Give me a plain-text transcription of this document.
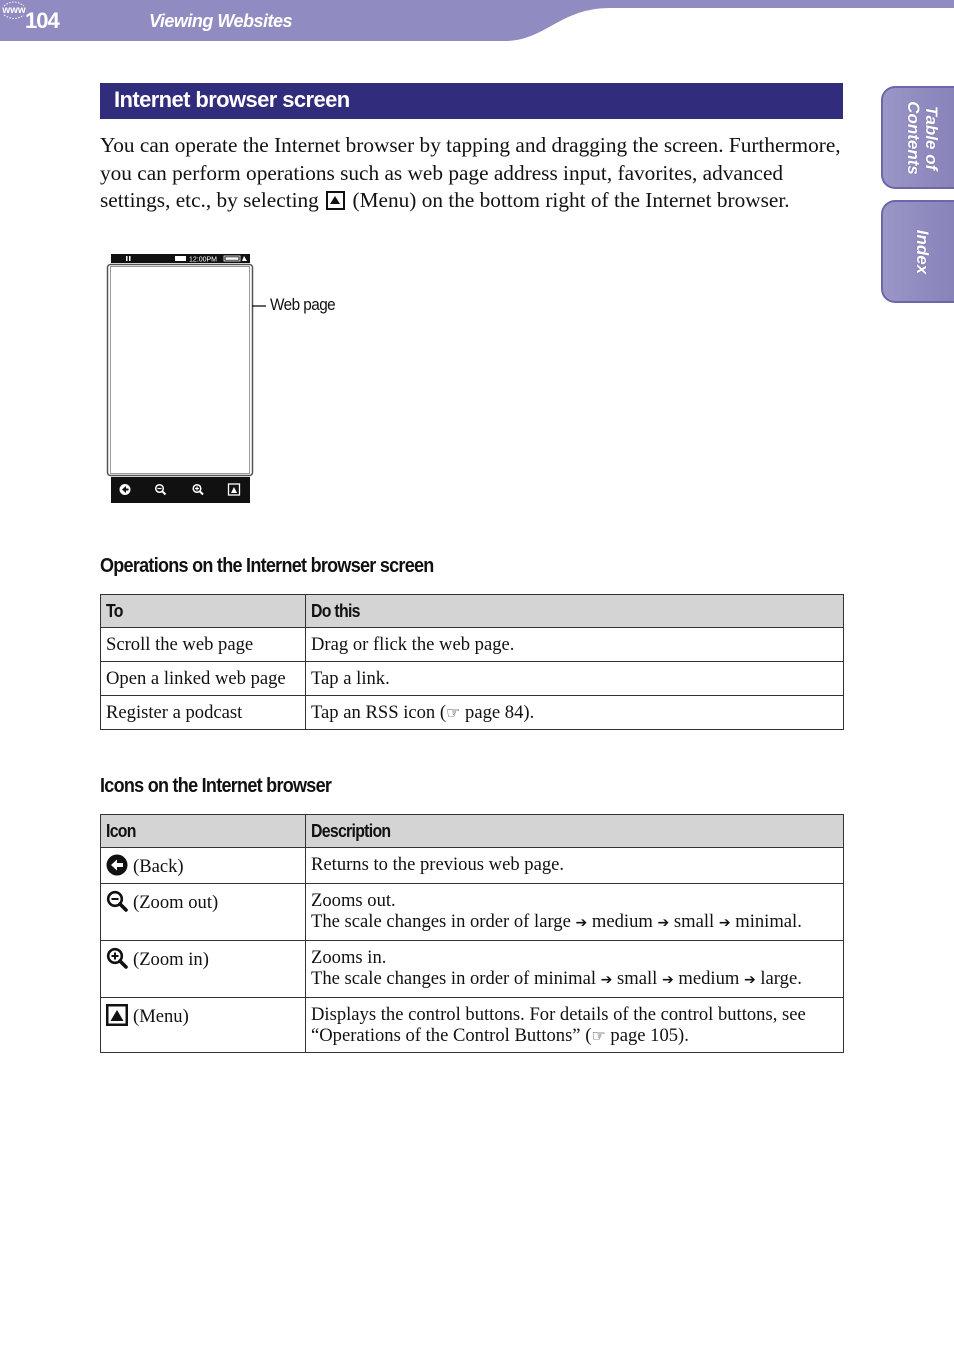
104
www
Viewing Websites
Table of
Contents
Index
Internet browser screen

You can operate the Internet browser by tapping and dragging the screen. Furthermore, you can perform operations such as web page address input, favorites, advanced settings, etc., by selecting (Menu) on the bottom right of the Internet browser.

12:00PM
Web page
Operations on the Internet browser screen
To	Do this
Scroll the web page	Drag or flick the web page.
Open a linked web page	Tap a link.
Register a podcast	Tap an RSS icon (☞ page 84).
Icons on the Internet browser
Icon	Description
(Back)	Returns to the previous web page.
(Zoom out)	Zooms out.
The scale changes in order of large ➔ medium ➔ small ➔ minimal.
(Zoom in)	Zooms in.
The scale changes in order of minimal ➔ small ➔ medium ➔ large.
(Menu)	Displays the control buttons. For details of the control buttons, see “Operations of the Control Buttons” (☞ page 105).
